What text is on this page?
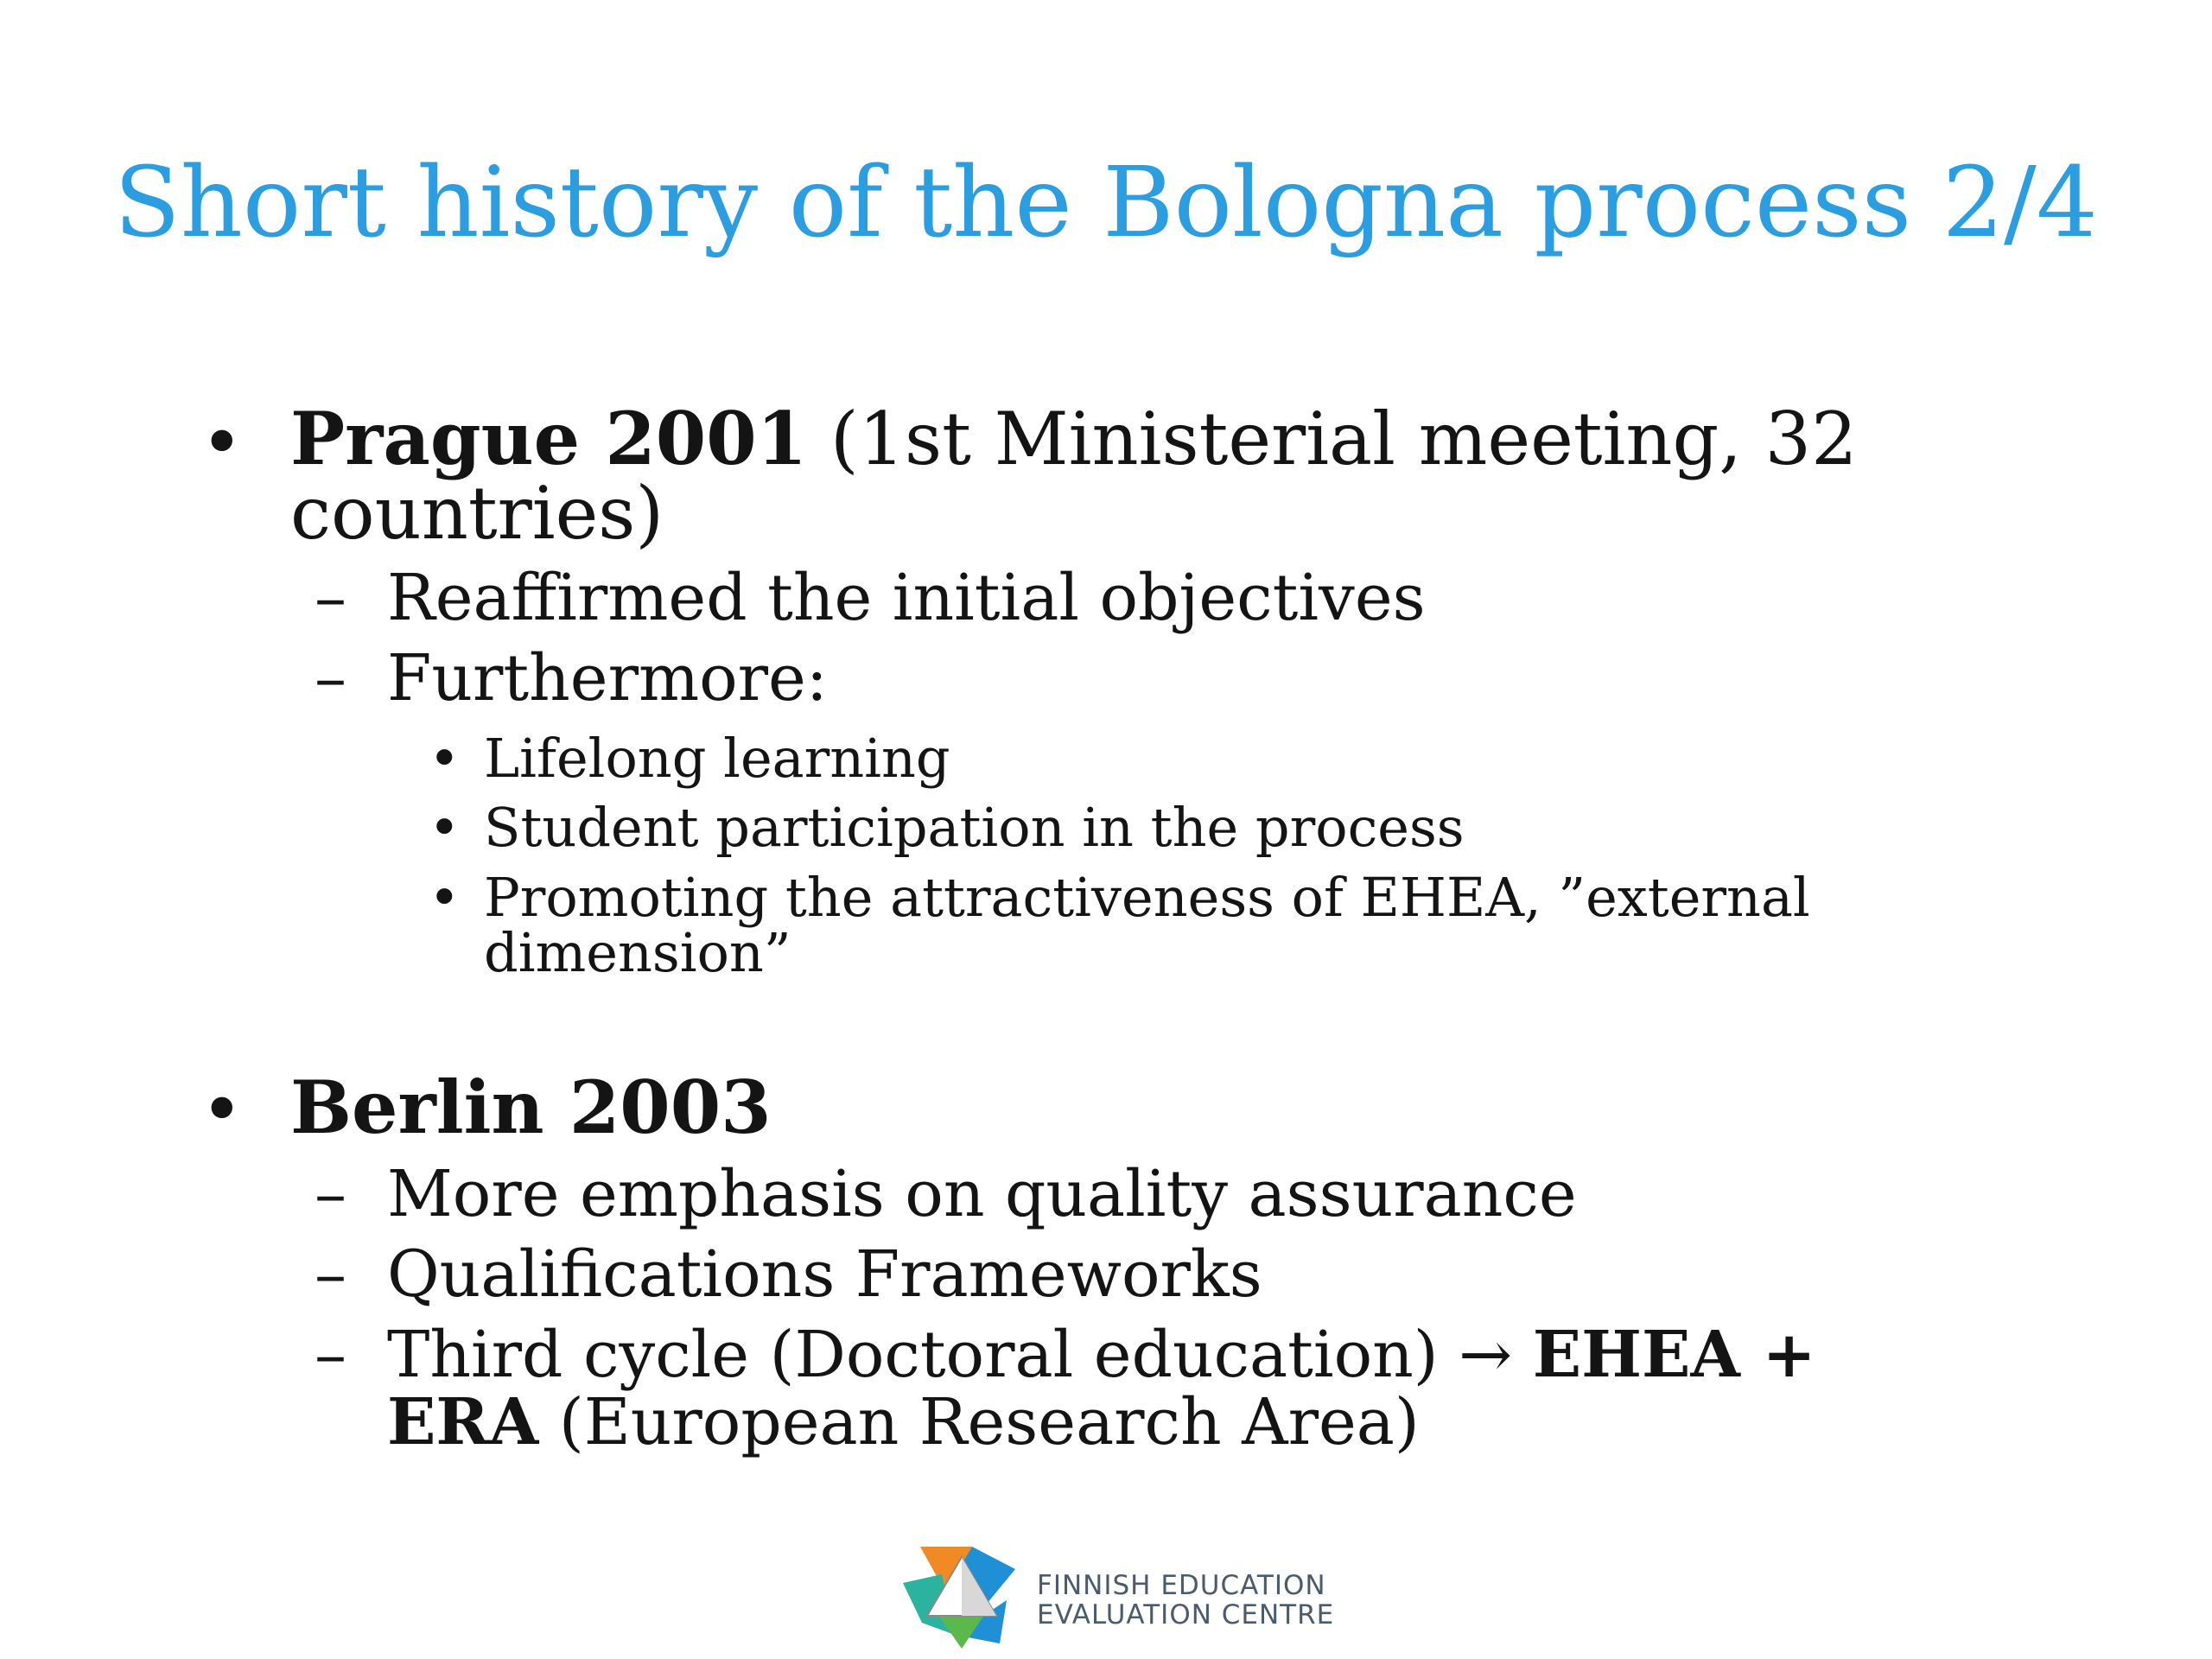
Short history of the Bologna process 2/4
• Prague 2001 (1st Ministerial meeting, 32
countries)
– Reaffirmed the initial objectives
– Furthermore:
• Lifelong learning
• Student participation in the process
• Promoting the attractiveness of EHEA, ”external
dimension”
• Berlin 2003
– More emphasis on quality assurance
– Qualifications Frameworks
– Third cycle (Doctoral education) → EHEA +
ERA (European Research Area)
FINNISH EDUCATION
EVALUATION CENTRE
